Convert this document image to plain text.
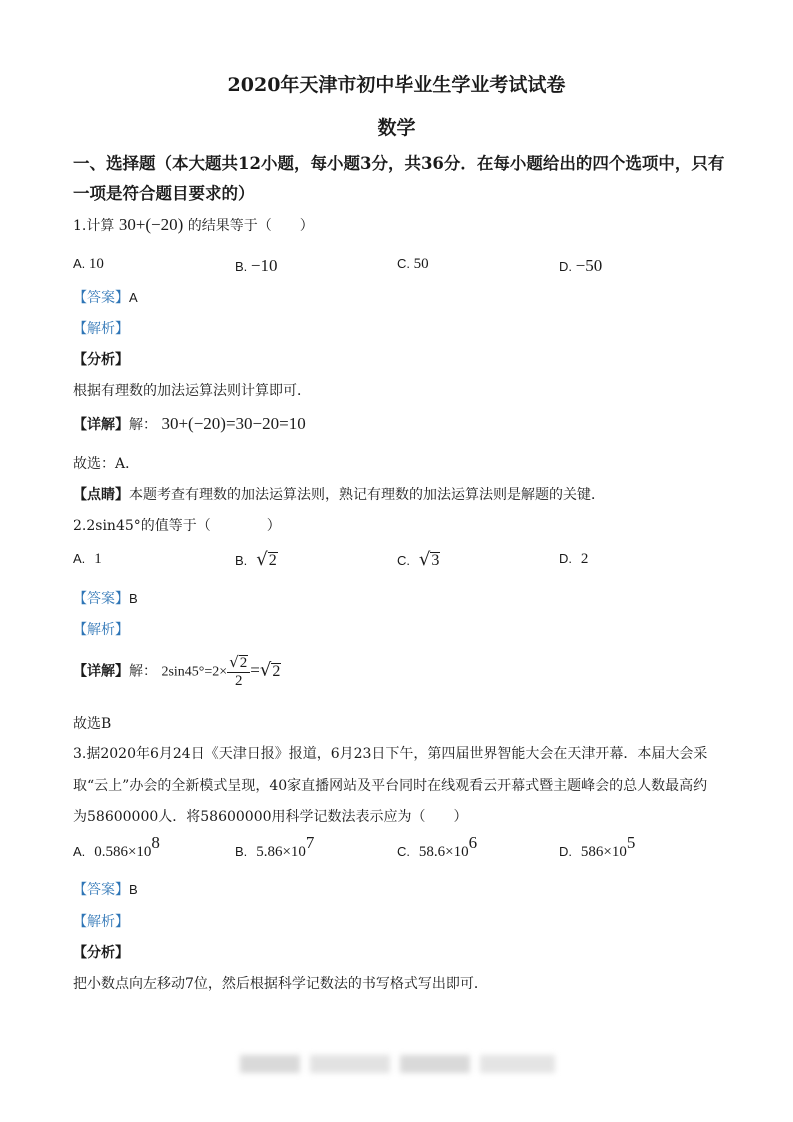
2020年天津市初中毕业生学业考试试卷
数学
一、选择题（本大题共12小题，每小题3分，共36分．在每小题给出的四个选项中，只有
一项是符合题目要求的）
1.计算 30+(−20) 的结果等于（　　）
A. 10	B. −10	C. 50	D. −50
【答案】A
【解析】
【分析】
根据有理数的加法运算法则计算即可．
【详解】解： 30+(−20)=30−20=10
故选：A．
【点睛】本题考查有理数的加法运算法则，熟记有理数的加法运算法则是解题的关键．
2.2sin45°的值等于（　　　　）
A. 1	B. √2	C. √3	D. 2
【答案】B
【解析】
【详解】解： $2\sin 45^\circ=2\times \frac{√2}{2} =√2$
故选B
3.据2020年6月24日《天津日报》报道，6月23日下午，第四届世界智能大会在天津开幕．本届大会采
取“云上”办会的全新模式呈现，40家直播网站及平台同时在线观看云开幕式暨主题峰会的总人数最高约
为58600000人．将58600000用科学记数法表示应为（　　）
A. $0.586\times 10^8$	B. $5.86\times 10^7$	C. $58.6\times 10^6$	D. $586\times 10^5$
【答案】B
【解析】
【分析】
把小数点向左移动7位，然后根据科学记数法的书写格式写出即可．
